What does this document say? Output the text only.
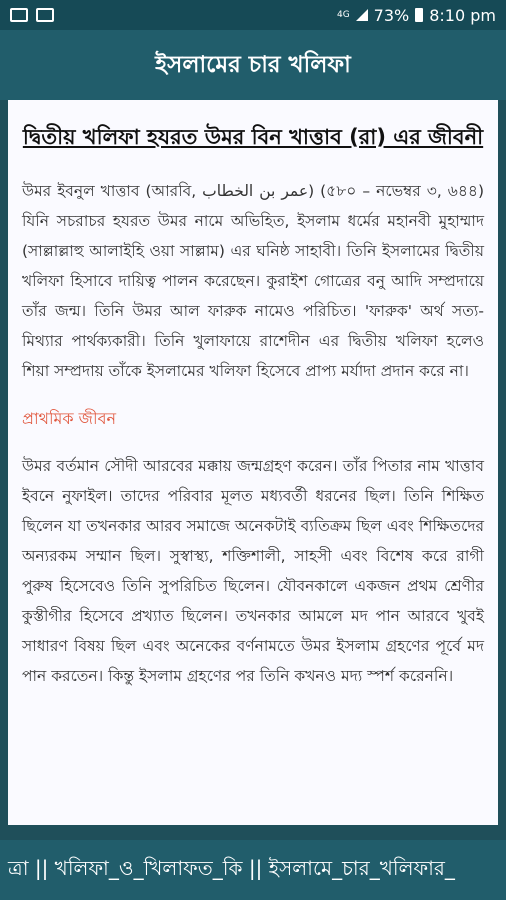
4G 73% 8:10 pm
ইসলামের চার খলিফা
দ্বিতীয় খলিফা হযরত উমর বিন খাত্তাব (রা) এর জীবনী

উমর ইবনুল খাত্তাব (আরবি, عمر بن الخطاب) (৫৮০ – নভেম্বর ৩, ৬৪৪) যিনি সচরাচর হযরত উমর নামে অভিহিত, ইসলাম ধর্মের মহানবী মুহাম্মাদ (সাল্লাল্লাহু আলাইহি ওয়া সাল্লাম) এর ঘনিষ্ঠ সাহাবী। তিনি ইসলামের দ্বিতীয় খলিফা হিসাবে দায়িত্ব পালন করেছেন। কুরাইশ গোত্রের বনু আদি সম্প্রদায়ে তাঁর জন্ম। তিনি উমর আল ফারুক নামেও পরিচিত। 'ফারুক' অর্থ সত্য-মিথ্যার পার্থক্যকারী। তিনি খুলাফায়ে রাশেদীন এর দ্বিতীয় খলিফা হলেও শিয়া সম্প্রদায় তাঁকে ইসলামের খলিফা হিসেবে প্রাপ্য মর্যাদা প্রদান করে না।

প্রাথমিক জীবন

উমর বর্তমান সৌদী আরবের মক্কায় জন্মগ্রহণ করেন। তাঁর পিতার নাম খাত্তাব ইবনে নুফাইল। তাদের পরিবার মূলত মধ্যবর্তী ধরনের ছিল। তিনি শিক্ষিত ছিলেন যা তখনকার আরব সমাজে অনেকটাই ব্যতিক্রম ছিল এবং শিক্ষিতদের অন্যরকম সম্মান ছিল। সুস্বাস্থ্য, শক্তিশালী, সাহসী এবং বিশেষ করে রাগী পুরুষ হিসেবেও তিনি সুপরিচিত ছিলেন। যৌবনকালে একজন প্রথম শ্রেণীর কুস্তীগীর হিসেবে প্রখ্যাত ছিলেন। তখনকার আমলে মদ পান আরবে খুবই সাধারণ বিষয় ছিল এবং অনেকের বর্ণনামতে উমর ইসলাম গ্রহণের পূর্বে মদ পান করতেন। কিন্তু ইসলাম গ্রহণের পর তিনি কখনও মদ্য স্পর্শ করেননি।

ত্রা || খলিফা_ও_খিলাফত_কি || ইসলামে_চার_খলিফার_
